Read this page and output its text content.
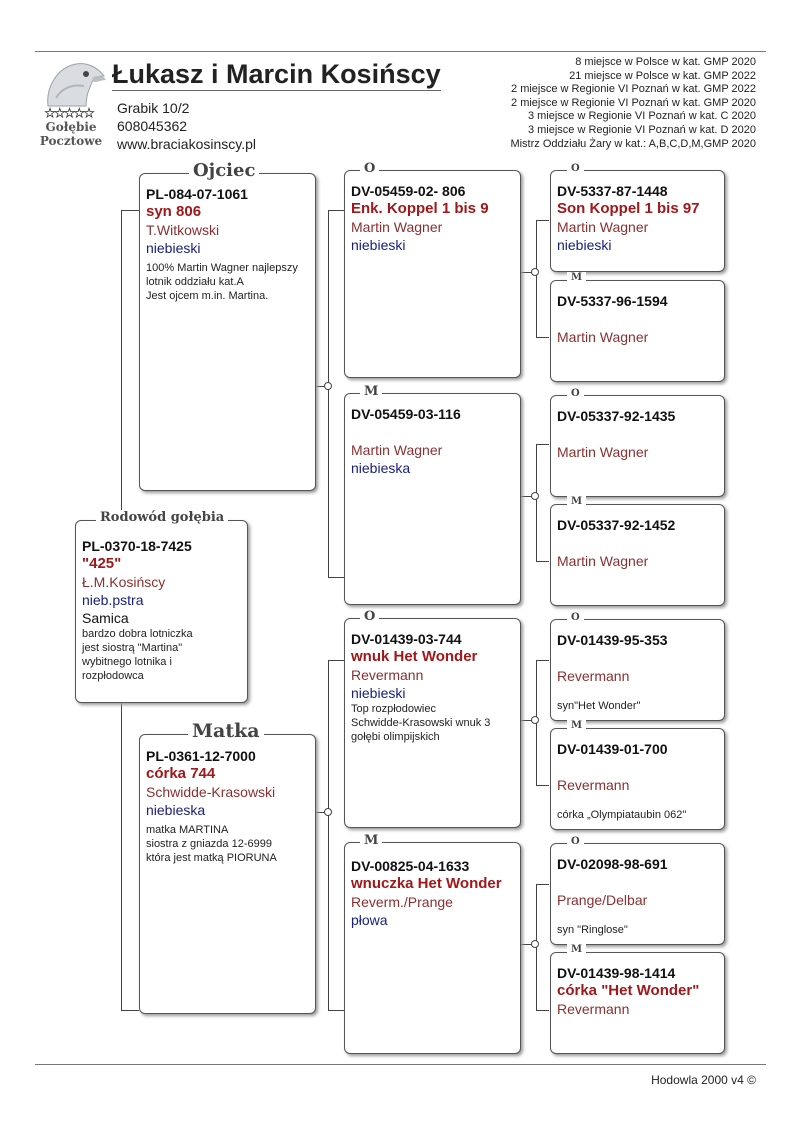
★★★★★
Gołębie
Pocztowe
Łukasz i Marcin Kosińscy
Grabik 10/2
608045362
www.braciakosinscy.pl
8 miejsce w Polsce w kat. GMP 2020
21 miejsce w Polsce w kat. GMP 2022
2 miejsce w Regionie VI Poznań w kat. GMP 2022
2 miejsce w Regionie VI Poznań w kat. GMP 2020
3 miejsce w Regionie VI Poznań w kat. C 2020
3 miejsce w Regionie VI Poznań w kat. D 2020
Mistrz Oddziału Żary w kat.: A,B,C,D,M,GMP 2020
PL-0370-18-7425
"425"
Ł.M.Kosińscy
nieb.pstra
Samica
bardzo dobra lotniczka
jest siostrą "Martina"
wybitnego lotnika i
rozpłodowca
Rodowód gołębia
PL-084-07-1061
syn 806
T.Witkowski
niebieski
100% Martin Wagner najlepszy
lotnik oddziału kat.A
Jest ojcem m.in. Martina.
Ojciec
PL-0361-12-7000
córka 744
Schwidde-Krasowski
niebieska
matka MARTINA
siostra z gniazda 12-6999
która jest matką PIORUNA
Matka
DV-05459-02- 806
Enk. Koppel 1 bis 9
Martin Wagner
niebieski
O
DV-05459-03-116
Martin Wagner
niebieska
M
DV-01439-03-744
wnuk Het Wonder
Revermann
niebieski
Top rozpłodowiec
Schwidde-Krasowski wnuk 3
gołębi olimpijskich
O
DV-00825-04-1633
wnuczka Het Wonder
Reverm./Prange
płowa
M
DV-5337-87-1448
Son Koppel 1 bis 97
Martin Wagner
niebieski
O
DV-5337-96-1594
Martin Wagner
M
DV-05337-92-1435
Martin Wagner
O
DV-05337-92-1452
Martin Wagner
M
DV-01439-95-353
Revermann
syn"Het Wonder"
O
DV-01439-01-700
Revermann
córka „Olympiataubin 062"
M
DV-02098-98-691
Prange/Delbar
syn "Ringlose"
O
DV-01439-98-1414
córka "Het Wonder"
Revermann
M
Hodowla 2000 v4 ©
